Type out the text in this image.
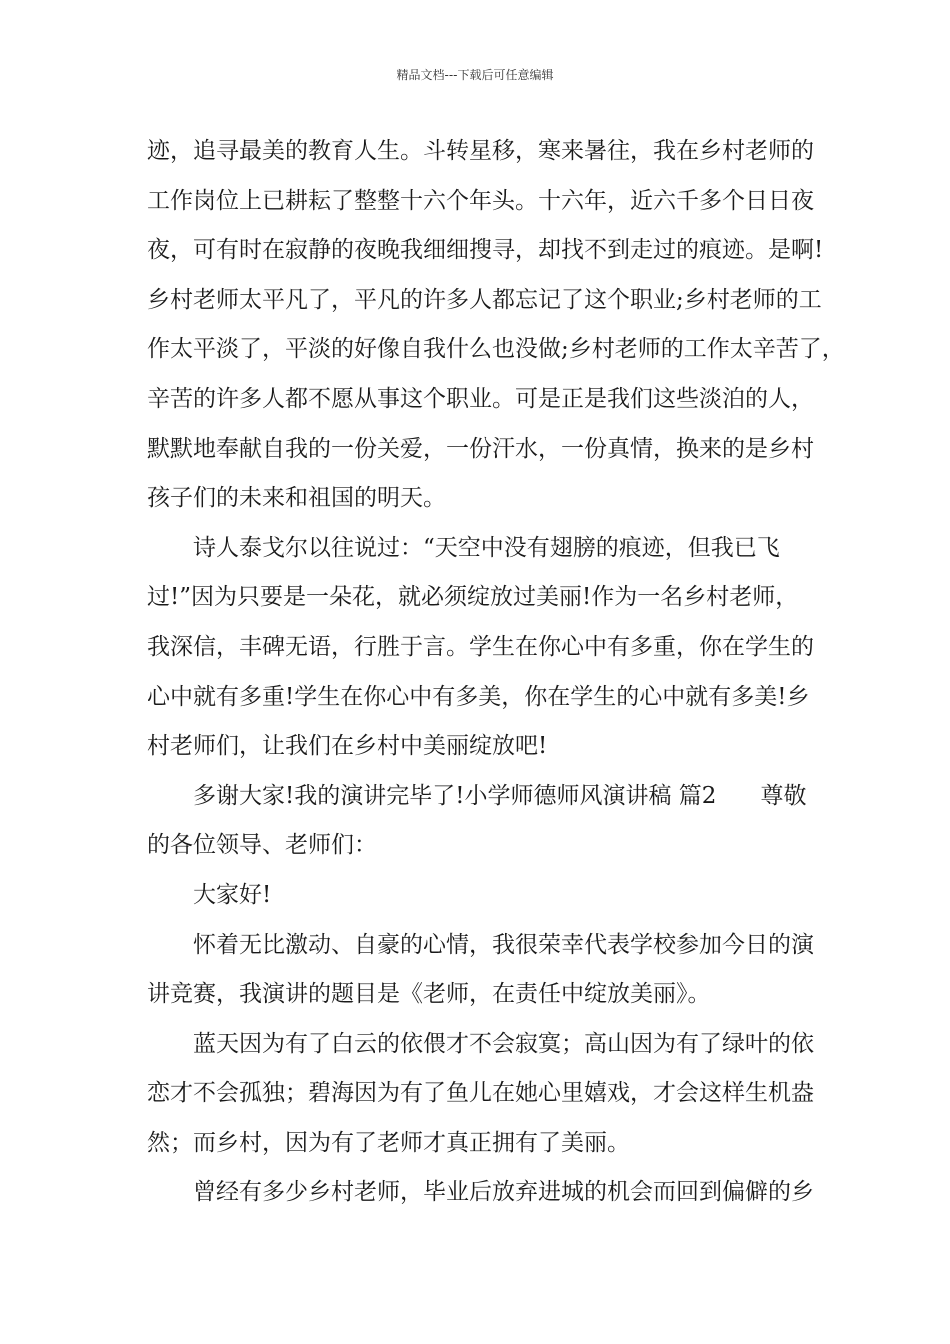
精品文档---下载后可任意编辑
迹，追寻最美的教育人生。斗转星移，寒来暑往，我在乡村老师的
工作岗位上已耕耘了整整十六个年头。十六年，近六千多个日日夜
夜，可有时在寂静的夜晚我细细搜寻，却找不到走过的痕迹。是啊!
乡村老师太平凡了，平凡的许多人都忘记了这个职业;乡村老师的工
作太平淡了，平淡的好像自我什么也没做;乡村老师的工作太辛苦了，
辛苦的许多人都不愿从事这个职业。可是正是我们这些淡泊的人，
默默地奉献自我的一份关爱，一份汗水，一份真情，换来的是乡村
孩子们的未来和祖国的明天。
诗人泰戈尔以往说过：“天空中没有翅膀的痕迹，但我已飞
过!”因为只要是一朵花，就必须绽放过美丽!作为一名乡村老师，
我深信，丰碑无语，行胜于言。学生在你心中有多重，你在学生的
心中就有多重!学生在你心中有多美，你在学生的心中就有多美!乡
村老师们，让我们在乡村中美丽绽放吧!
多谢大家!我的演讲完毕了!小学师德师风演讲稿 篇2 尊敬
的各位领导、老师们：
大家好!
怀着无比激动、自豪的心情，我很荣幸代表学校参加今日的演
讲竞赛，我演讲的题目是《老师，在责任中绽放美丽》。
蓝天因为有了白云的依偎才不会寂寞；高山因为有了绿叶的依
恋才不会孤独；碧海因为有了鱼儿在她心里嬉戏，才会这样生机盎
然；而乡村，因为有了老师才真正拥有了美丽。
曾经有多少乡村老师，毕业后放弃进城的机会而回到偏僻的乡
